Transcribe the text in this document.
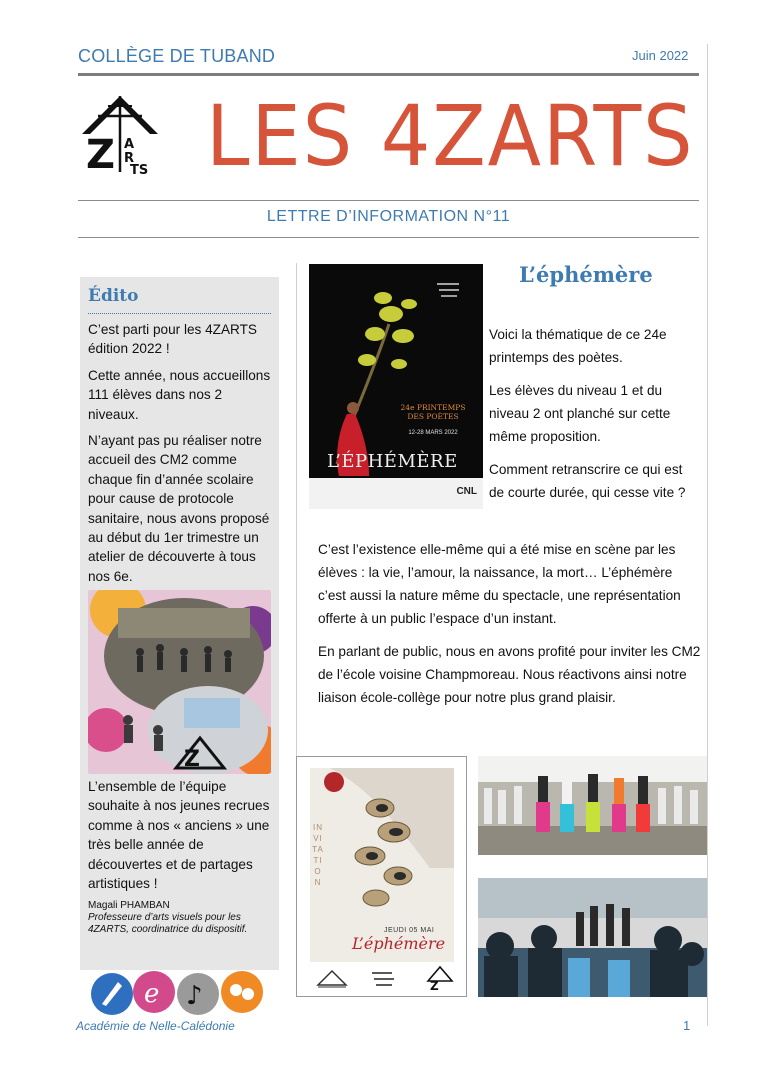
COLLÈGE DE TUBAND	Juin 2022
Z A
R
TS LES 4ZARTS
LETTRE D’INFORMATION N°11
Édito

C’est parti pour les 4ZARTS édition 2022 !

Cette année, nous accueillons 111 élèves dans nos 2 niveaux.

N’ayant pas pu réaliser notre accueil des CM2 comme chaque fin d’année scolaire pour cause de protocole sanitaire, nous avons proposé au début du 1er trimestre un atelier de découverte à tous nos 6e.

Z
L’ensemble de l’équipe souhaite à nos jeunes recrues comme à nos « anciens » une très belle année de découvertes et de partages artistiques !
Magali PHAMBAN
Professeure d’arts visuels pour les 4ZARTS, coordinatrice du dispositif.
e ♪
CNL
24e PRINTEMPS DES POÈTES
12-28 MARS 2022
L’ÉPHÉMÈRE
L’éphémère

Voici la thématique de ce 24e printemps des poètes.

Les élèves du niveau 1 et du niveau 2 ont planché sur cette même proposition.

Comment retranscrire ce qui est de courte durée, qui cesse vite ?

C’est l’existence elle-même qui a été mise en scène par les élèves : la vie, l’amour, la naissance, la mort… L’éphémère c’est aussi la nature même du spectacle, une représentation offerte à un public l’espace d’un instant.

En parlant de public, nous en avons profité pour inviter les CM2 de l’école voisine Champmoreau. Nous réactivons ainsi notre liaison école-collège pour notre plus grand plaisir.

INVITATION
JEUDI 05 MAI
L’éphémère
Z
Académie de Nelle-Calédonie	1
